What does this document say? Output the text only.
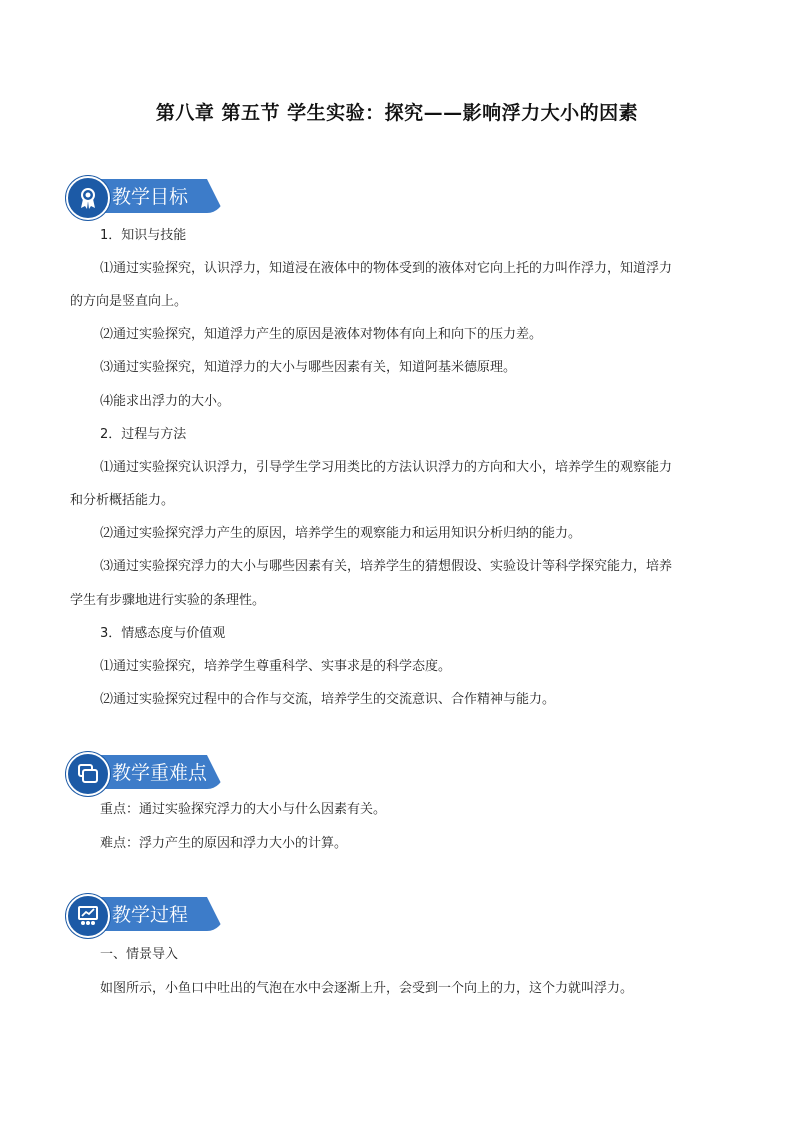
第八章 第五节 学生实验：探究——影响浮力大小的因素
教学目标
1．知识与技能
⑴通过实验探究，认识浮力，知道浸在液体中的物体受到的液体对它向上托的力叫作浮力，知道浮力
的方向是竖直向上。
⑵通过实验探究，知道浮力产生的原因是液体对物体有向上和向下的压力差。
⑶通过实验探究，知道浮力的大小与哪些因素有关，知道阿基米德原理。
⑷能求出浮力的大小。
2．过程与方法
⑴通过实验探究认识浮力，引导学生学习用类比的方法认识浮力的方向和大小，培养学生的观察能力
和分析概括能力。
⑵通过实验探究浮力产生的原因，培养学生的观察能力和运用知识分析归纳的能力。
⑶通过实验探究浮力的大小与哪些因素有关，培养学生的猜想假设、实验设计等科学探究能力，培养
学生有步骤地进行实验的条理性。
3．情感态度与价值观
⑴通过实验探究，培养学生尊重科学、实事求是的科学态度。
⑵通过实验探究过程中的合作与交流，培养学生的交流意识、合作精神与能力。
教学重难点
重点：通过实验探究浮力的大小与什么因素有关。
难点：浮力产生的原因和浮力大小的计算。
教学过程
一、情景导入
如图所示，小鱼口中吐出的气泡在水中会逐渐上升，会受到一个向上的力，这个力就叫浮力。
